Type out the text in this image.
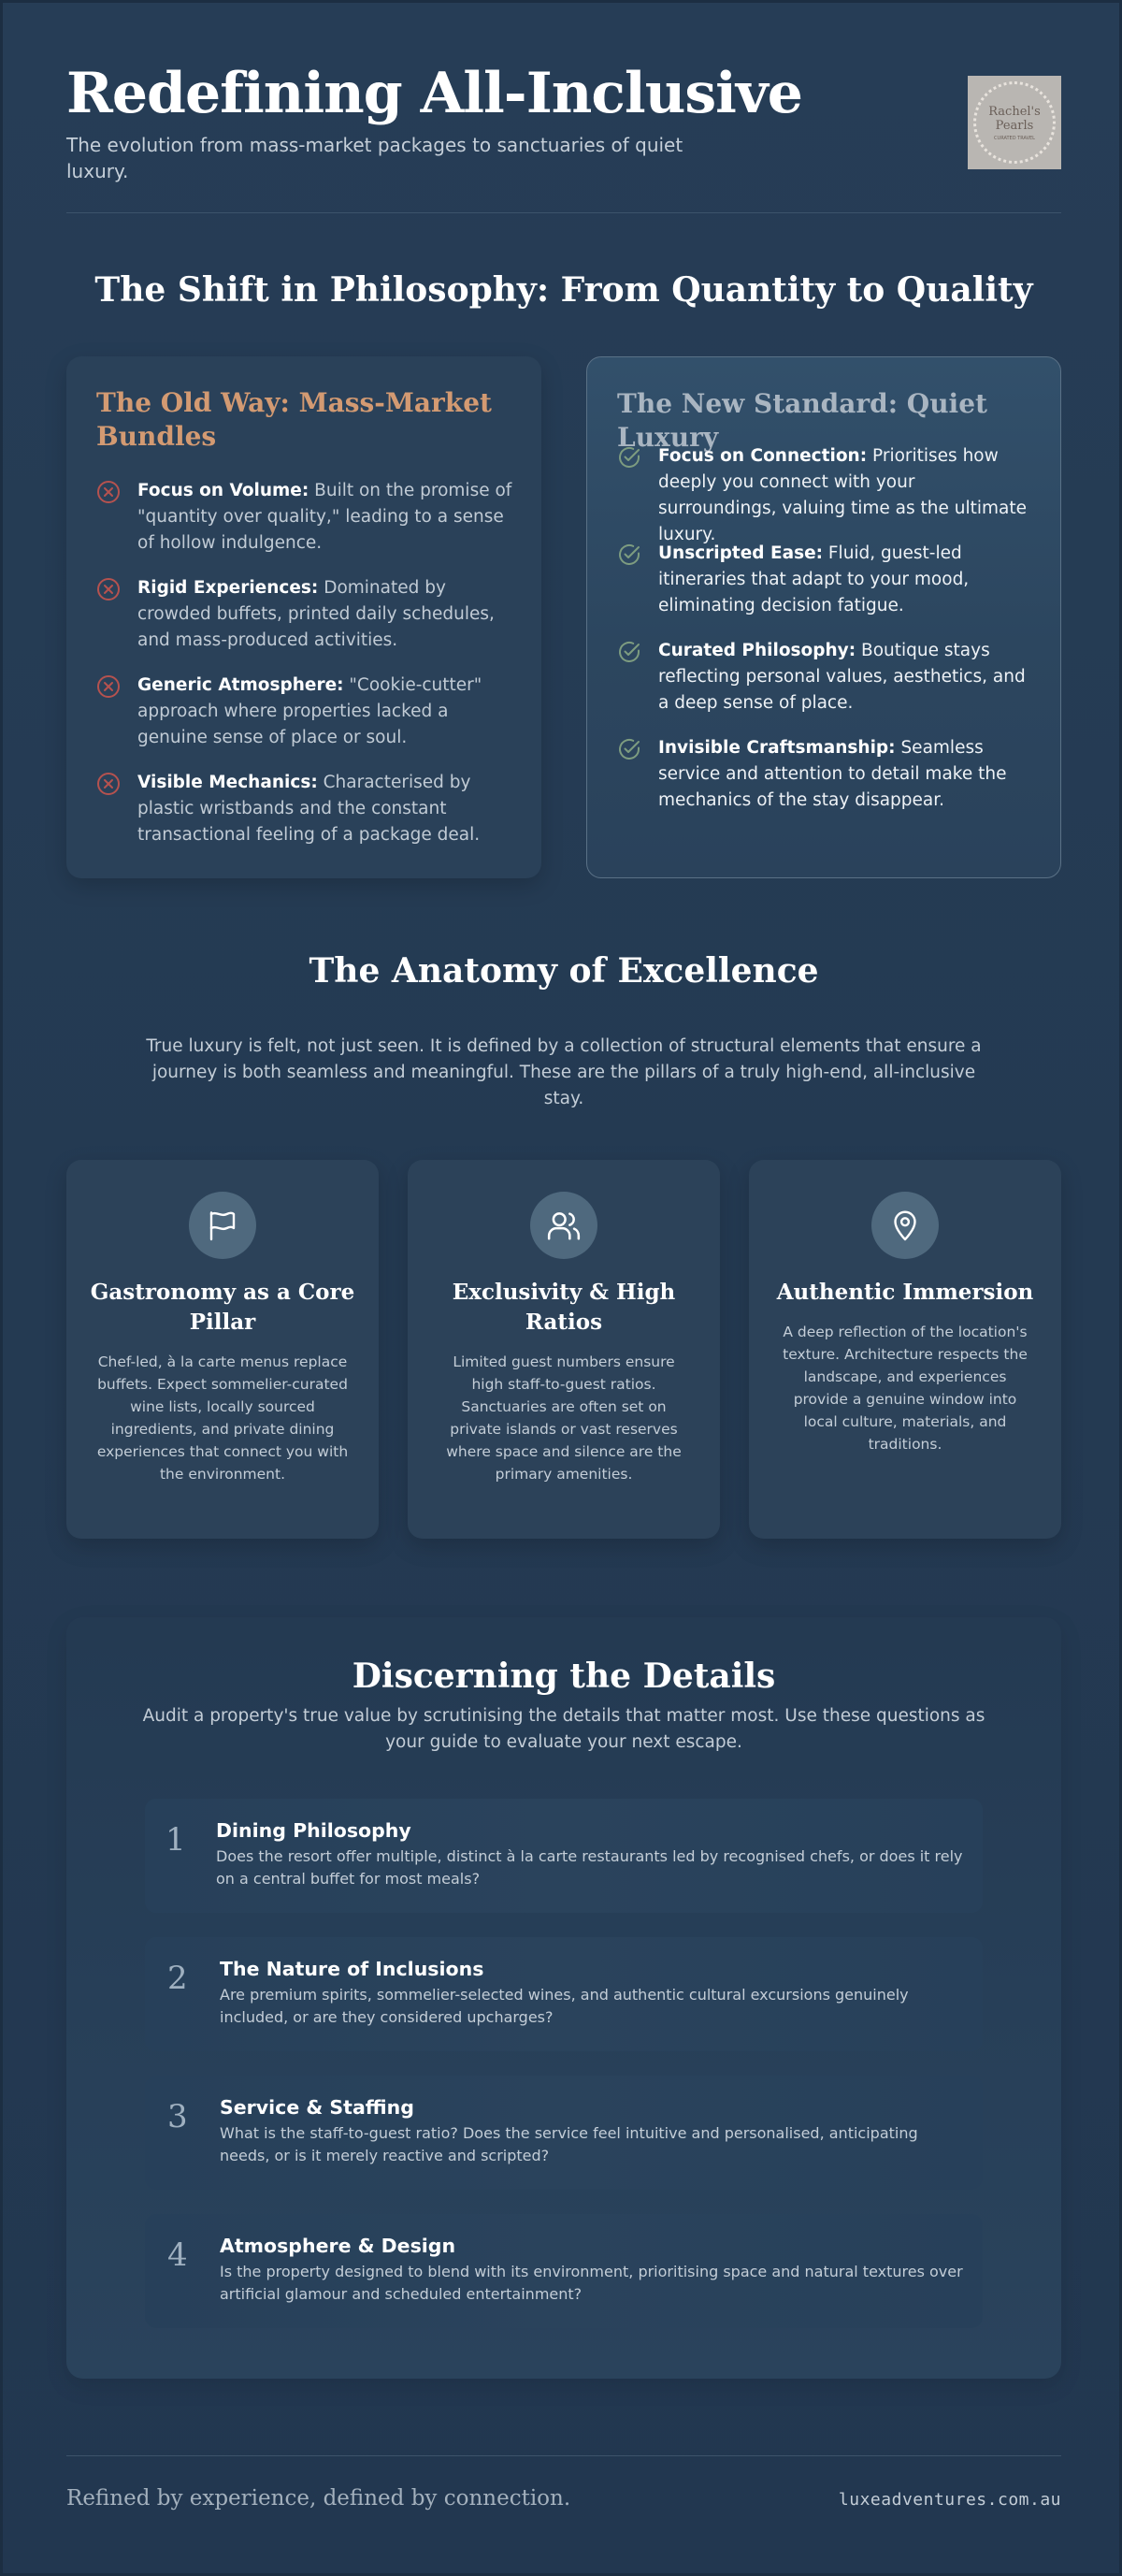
Redefining All-Inclusive

The evolution from mass-market packages to sanctuaries of quiet luxury.

Rachel's
Pearls
CURATED TRAVEL
The Shift in Philosophy: From Quantity to Quality
The Old Way: Mass-Market Bundles

Focus on Volume: Built on the promise of "quantity over quality," leading to a sense of hollow indulgence.

Rigid Experiences: Dominated by crowded buffets, printed daily schedules, and mass-produced activities.

Generic Atmosphere: "Cookie-cutter" approach where properties lacked a genuine sense of place or soul.

Visible Mechanics: Characterised by plastic wristbands and the constant transactional feeling of a package deal.

The New Standard: Quiet Luxury

Focus on Connection: Prioritises how deeply you connect with your surroundings, valuing time as the ultimate luxury.

Unscripted Ease: Fluid, guest-led itineraries that adapt to your mood, eliminating decision fatigue.

Curated Philosophy: Boutique stays reflecting personal values, aesthetics, and a deep sense of place.

Invisible Craftsmanship: Seamless service and attention to detail make the mechanics of the stay disappear.

The Anatomy of Excellence

True luxury is felt, not just seen. It is defined by a collection of structural elements that ensure a journey is both seamless and meaningful. These are the pillars of a truly high-end, all-inclusive stay.

Gastronomy as a Core Pillar

Chef-led, à la carte menus replace buffets. Expect sommelier-curated wine lists, locally sourced ingredients, and private dining experiences that connect you with the environment.

Exclusivity & High Ratios

Limited guest numbers ensure high staff-to-guest ratios. Sanctuaries are often set on private islands or vast reserves where space and silence are the primary amenities.

Authentic Immersion

A deep reflection of the location's texture. Architecture respects the landscape, and experiences provide a genuine window into local culture, materials, and traditions.

Discerning the Details

Audit a property's true value by scrutinising the details that matter most. Use these questions as your guide to evaluate your next escape.

1 Dining Philosophy

Does the resort offer multiple, distinct à la carte restaurants led by recognised chefs, or does it rely on a central buffet for most meals?

2 The Nature of Inclusions

Are premium spirits, sommelier-selected wines, and authentic cultural excursions genuinely included, or are they considered upcharges?

3 Service & Staffing

What is the staff-to-guest ratio? Does the service feel intuitive and personalised, anticipating needs, or is it merely reactive and scripted?

4 Atmosphere & Design

Is the property designed to blend with its environment, prioritising space and natural textures over artificial glamour and scheduled entertainment?

Refined by experience, defined by connection.	luxeadventures.com.au
